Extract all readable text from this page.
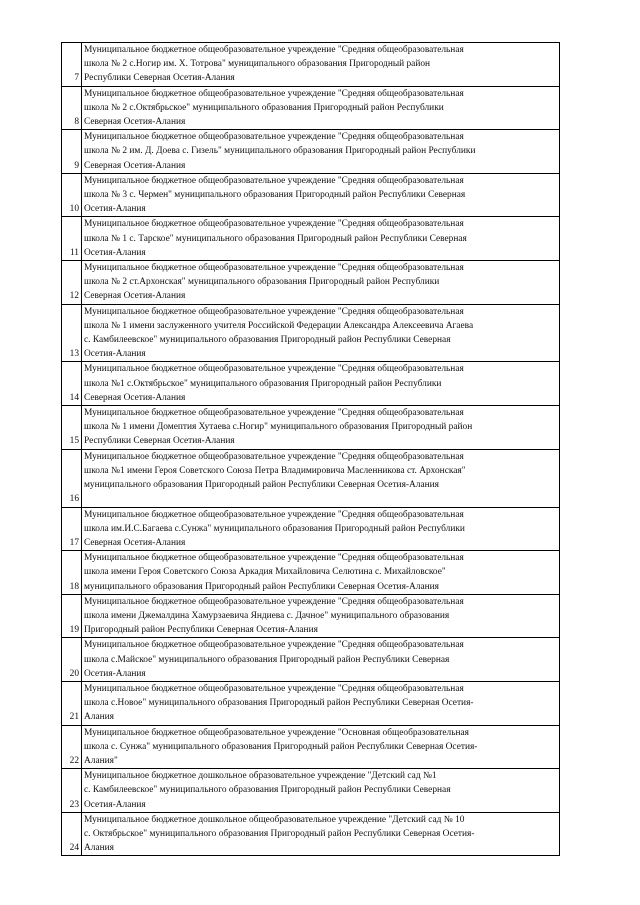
7	Муниципальное бюджетное общеобразовательное учреждение "Средняя общеобразовательная
школа № 2 с.Ногир им. Х. Тотрова" муниципального образования Пригородный район
Республики Северная Осетия-Алания

8	Муниципальное бюджетное общеобразовательное учреждение "Средняя общеобразовательная
школа № 2 с.Октябрьское" муниципального образования Пригородный район Республики
Северная Осетия-Алания

9	Муниципальное бюджетное общеобразовательное учреждение "Средняя общеобразовательная
школа № 2 им. Д. Доева с. Гизель" муниципального образования Пригородный район Республики
Северная Осетия-Алания

10	Муниципальное бюджетное общеобразовательное учреждение "Средняя общеобразовательная
школа № 3 с. Чермен" муниципального образования Пригородный район Республики Северная
Осетия-Алания

11	Муниципальное бюджетное общеобразовательное учреждение "Средняя общеобразовательная
школа № 1 с. Тарское" муниципального образования Пригородный район Республики Северная
Осетия-Алания

12	Муниципальное бюджетное общеобразовательное учреждение "Средняя общеобразовательная
школа № 2 ст.Архонская" муниципального образования Пригородный район Республики
Северная Осетия-Алания

13	Муниципальное бюджетное общеобразовательное учреждение "Средняя общеобразовательная
школа № 1 имени заслуженного учителя Российской Федерации Александра Алексеевича Агаева
с. Камбилеевское" муниципального образования Пригородный район Республики Северная
Осетия-Алания

14	Муниципальное бюджетное общеобразовательное учреждение "Средняя общеобразовательная
школа №1 с.Октябрьское" муниципального образования Пригородный район Республики
Северная Осетия-Алания

15	Муниципальное бюджетное общеобразовательное учреждение "Средняя общеобразовательная
школа № 1 имени Домептия Хутаева с.Ногир" муниципального образования Пригородный район
Республики Северная Осетия-Алания

16	Муниципальное бюджетное общеобразовательное учреждение "Средняя общеобразовательная
школа №1 имени Героя Советского Союза Петра Владимировича Масленникова ст. Архонская"
муниципального образования Пригородный район Республики Северная Осетия-Алания

17	Муниципальное бюджетное общеобразовательное учреждение "Средняя общеобразовательная
школа им.И.С.Багаева с.Сунжа" муниципального образования Пригородный район Республики
Северная Осетия-Алания

18	Муниципальное бюджетное общеобразовательное учреждение "Средняя общеобразовательная
школа имени Героя Советского Союза Аркадия Михайловича Селютина с. Михайловское"
муниципального образования Пригородный район Республики Северная Осетия-Алания

19	Муниципальное бюджетное общеобразовательное учреждение "Средняя общеобразовательная
школа имени Джемалдина Хамурзаевича Яндиева с. Дачное" муниципального образования
Пригородный район Республики Северная Осетия-Алания

20	Муниципальное бюджетное общеобразовательное учреждение "Средняя общеобразовательная
школа с.Майское" муниципального образования Пригородный район Республики Северная
Осетия-Алания

21	Муниципальное бюджетное общеобразовательное учреждение "Средняя общеобразовательная
школа с.Новое" муниципального образования Пригородный район Республики Северная Осетия-
Алания

22	Муниципальное бюджетное общеобразовательное учреждение "Основная общеобразовательная
школа с. Сунжа" муниципального образования Пригородный район Республики Северная Осетия-
Алания"

23	Муниципальное бюджетное дошкольное образовательное учреждение "Детский сад №1
с. Камбилеевское" муниципального образования Пригородный район Республики Северная
Осетия-Алания

24	Муниципальное бюджетное дошкольное общеобразовательное учреждение "Детский сад № 10
с. Октябрьское" муниципального образования Пригородный район Республики Северная Осетия-
Алания
